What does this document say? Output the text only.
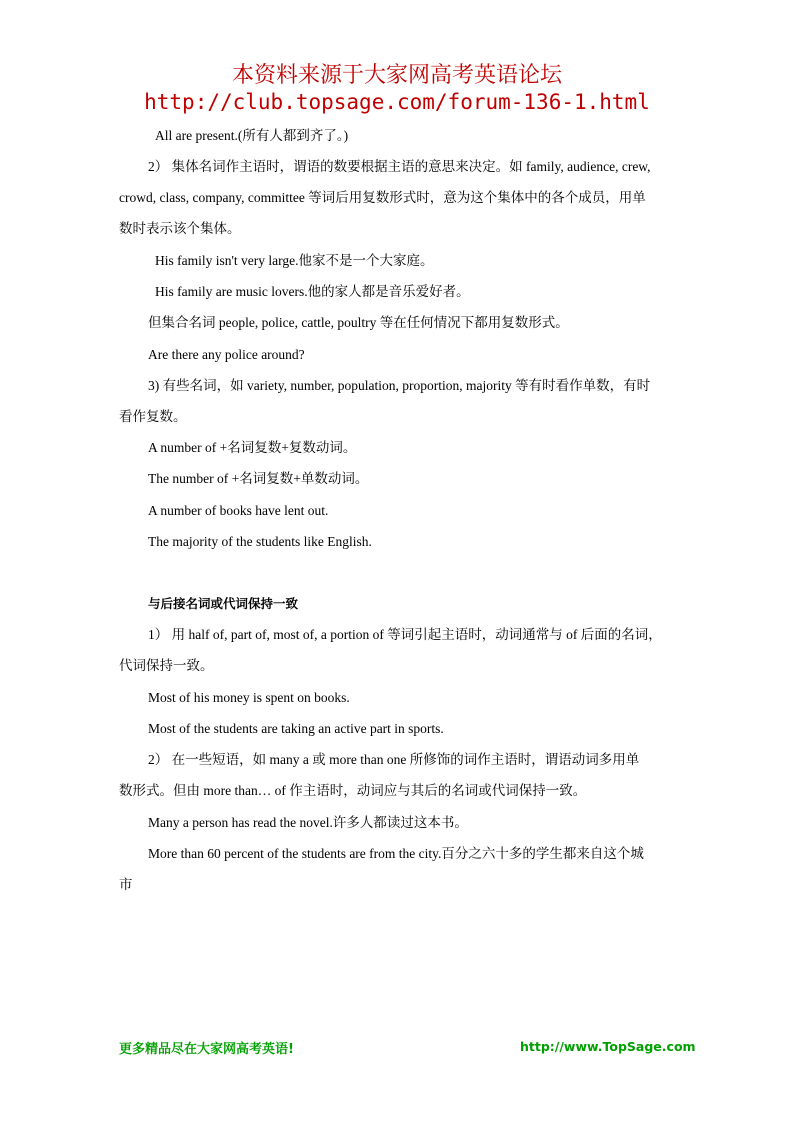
本资料来源于大家网高考英语论坛
http://club.topsage.com/forum-136-1.html
All are present.(所有人都到齐了。)
2） 集体名词作主语时，谓语的数要根据主语的意思来决定。如 family, audience, crew,
crowd, class, company, committee 等词后用复数形式时，意为这个集体中的各个成员，用单
数时表示该个集体。
His family isn't very large.他家不是一个大家庭。
His family are music lovers.他的家人都是音乐爱好者。
但集合名词 people, police, cattle, poultry 等在任何情况下都用复数形式。
Are there any police around?
3) 有些名词，如 variety, number, population, proportion, majority 等有时看作单数，有时
看作复数。
A number of +名词复数+复数动词。
The number of +名词复数+单数动词。
A number of books have lent out.
The majority of the students like English.
与后接名词或代词保持一致
1） 用 half of, part of, most of, a portion of 等词引起主语时，动词通常与 of 后面的名词，
代词保持一致。
Most of his money is spent on books.
Most of the students are taking an active part in sports.
2） 在一些短语，如 many a 或 more than one 所修饰的词作主语时，谓语动词多用单
数形式。但由 more than… of 作主语时，动词应与其后的名词或代词保持一致。
Many a person has read the novel.许多人都读过这本书。
More than 60 percent of the students are from the city.百分之六十多的学生都来自这个城
市
更多精品尽在大家网高考英语!	http://www.TopSage.com
